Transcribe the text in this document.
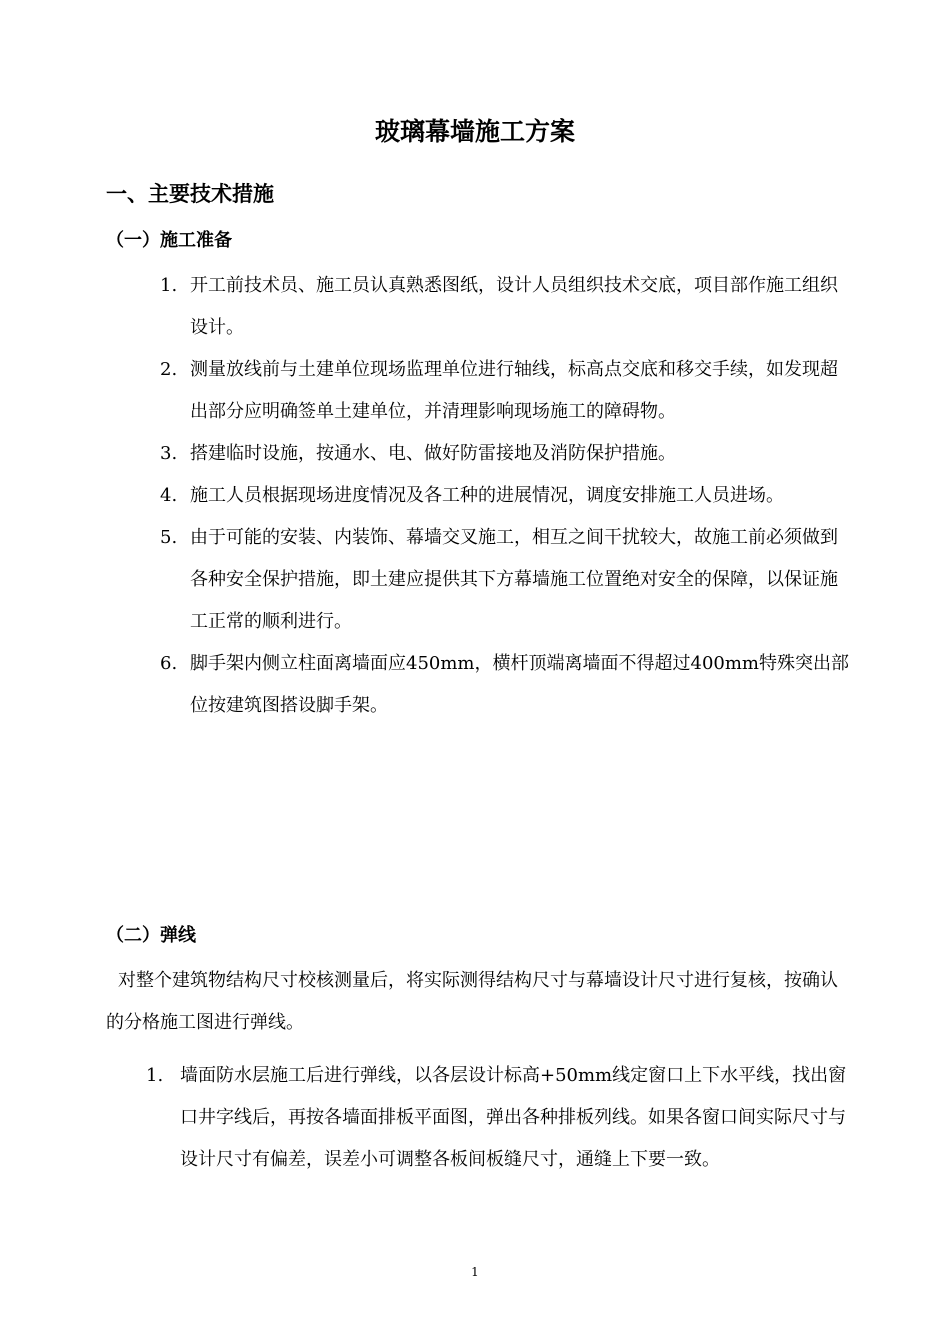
玻璃幕墙施工方案
一、主要技术措施
（一）施工准备
1. 开工前技术员、施工员认真熟悉图纸，设计人员组织技术交底，项目部作施工组织设计。
2. 测量放线前与土建单位现场监理单位进行轴线，标高点交底和移交手续，如发现超出部分应明确签单土建单位，并清理影响现场施工的障碍物。
3. 搭建临时设施，按通水、电、做好防雷接地及消防保护措施。
4. 施工人员根据现场进度情况及各工种的进展情况，调度安排施工人员进场。
5. 由于可能的安装、内装饰、幕墙交叉施工，相互之间干扰较大，故施工前必须做到各种安全保护措施，即土建应提供其下方幕墙施工位置绝对安全的保障，以保证施工正常的顺利进行。
6. 脚手架内侧立柱面离墙面应450mm，横杆顶端离墙面不得超过400mm特殊突出部位按建筑图搭设脚手架。
（二）弹线

对整个建筑物结构尺寸校核测量后，将实际测得结构尺寸与幕墙设计尺寸进行复核，按确认的分格施工图进行弹线。

1. 墙面防水层施工后进行弹线，以各层设计标高+50mm线定窗口上下水平线，找出窗口井字线后，再按各墙面排板平面图，弹出各种排板列线。如果各窗口间实际尺寸与设计尺寸有偏差，误差小可调整各板间板缝尺寸，通缝上下要一致。
1
